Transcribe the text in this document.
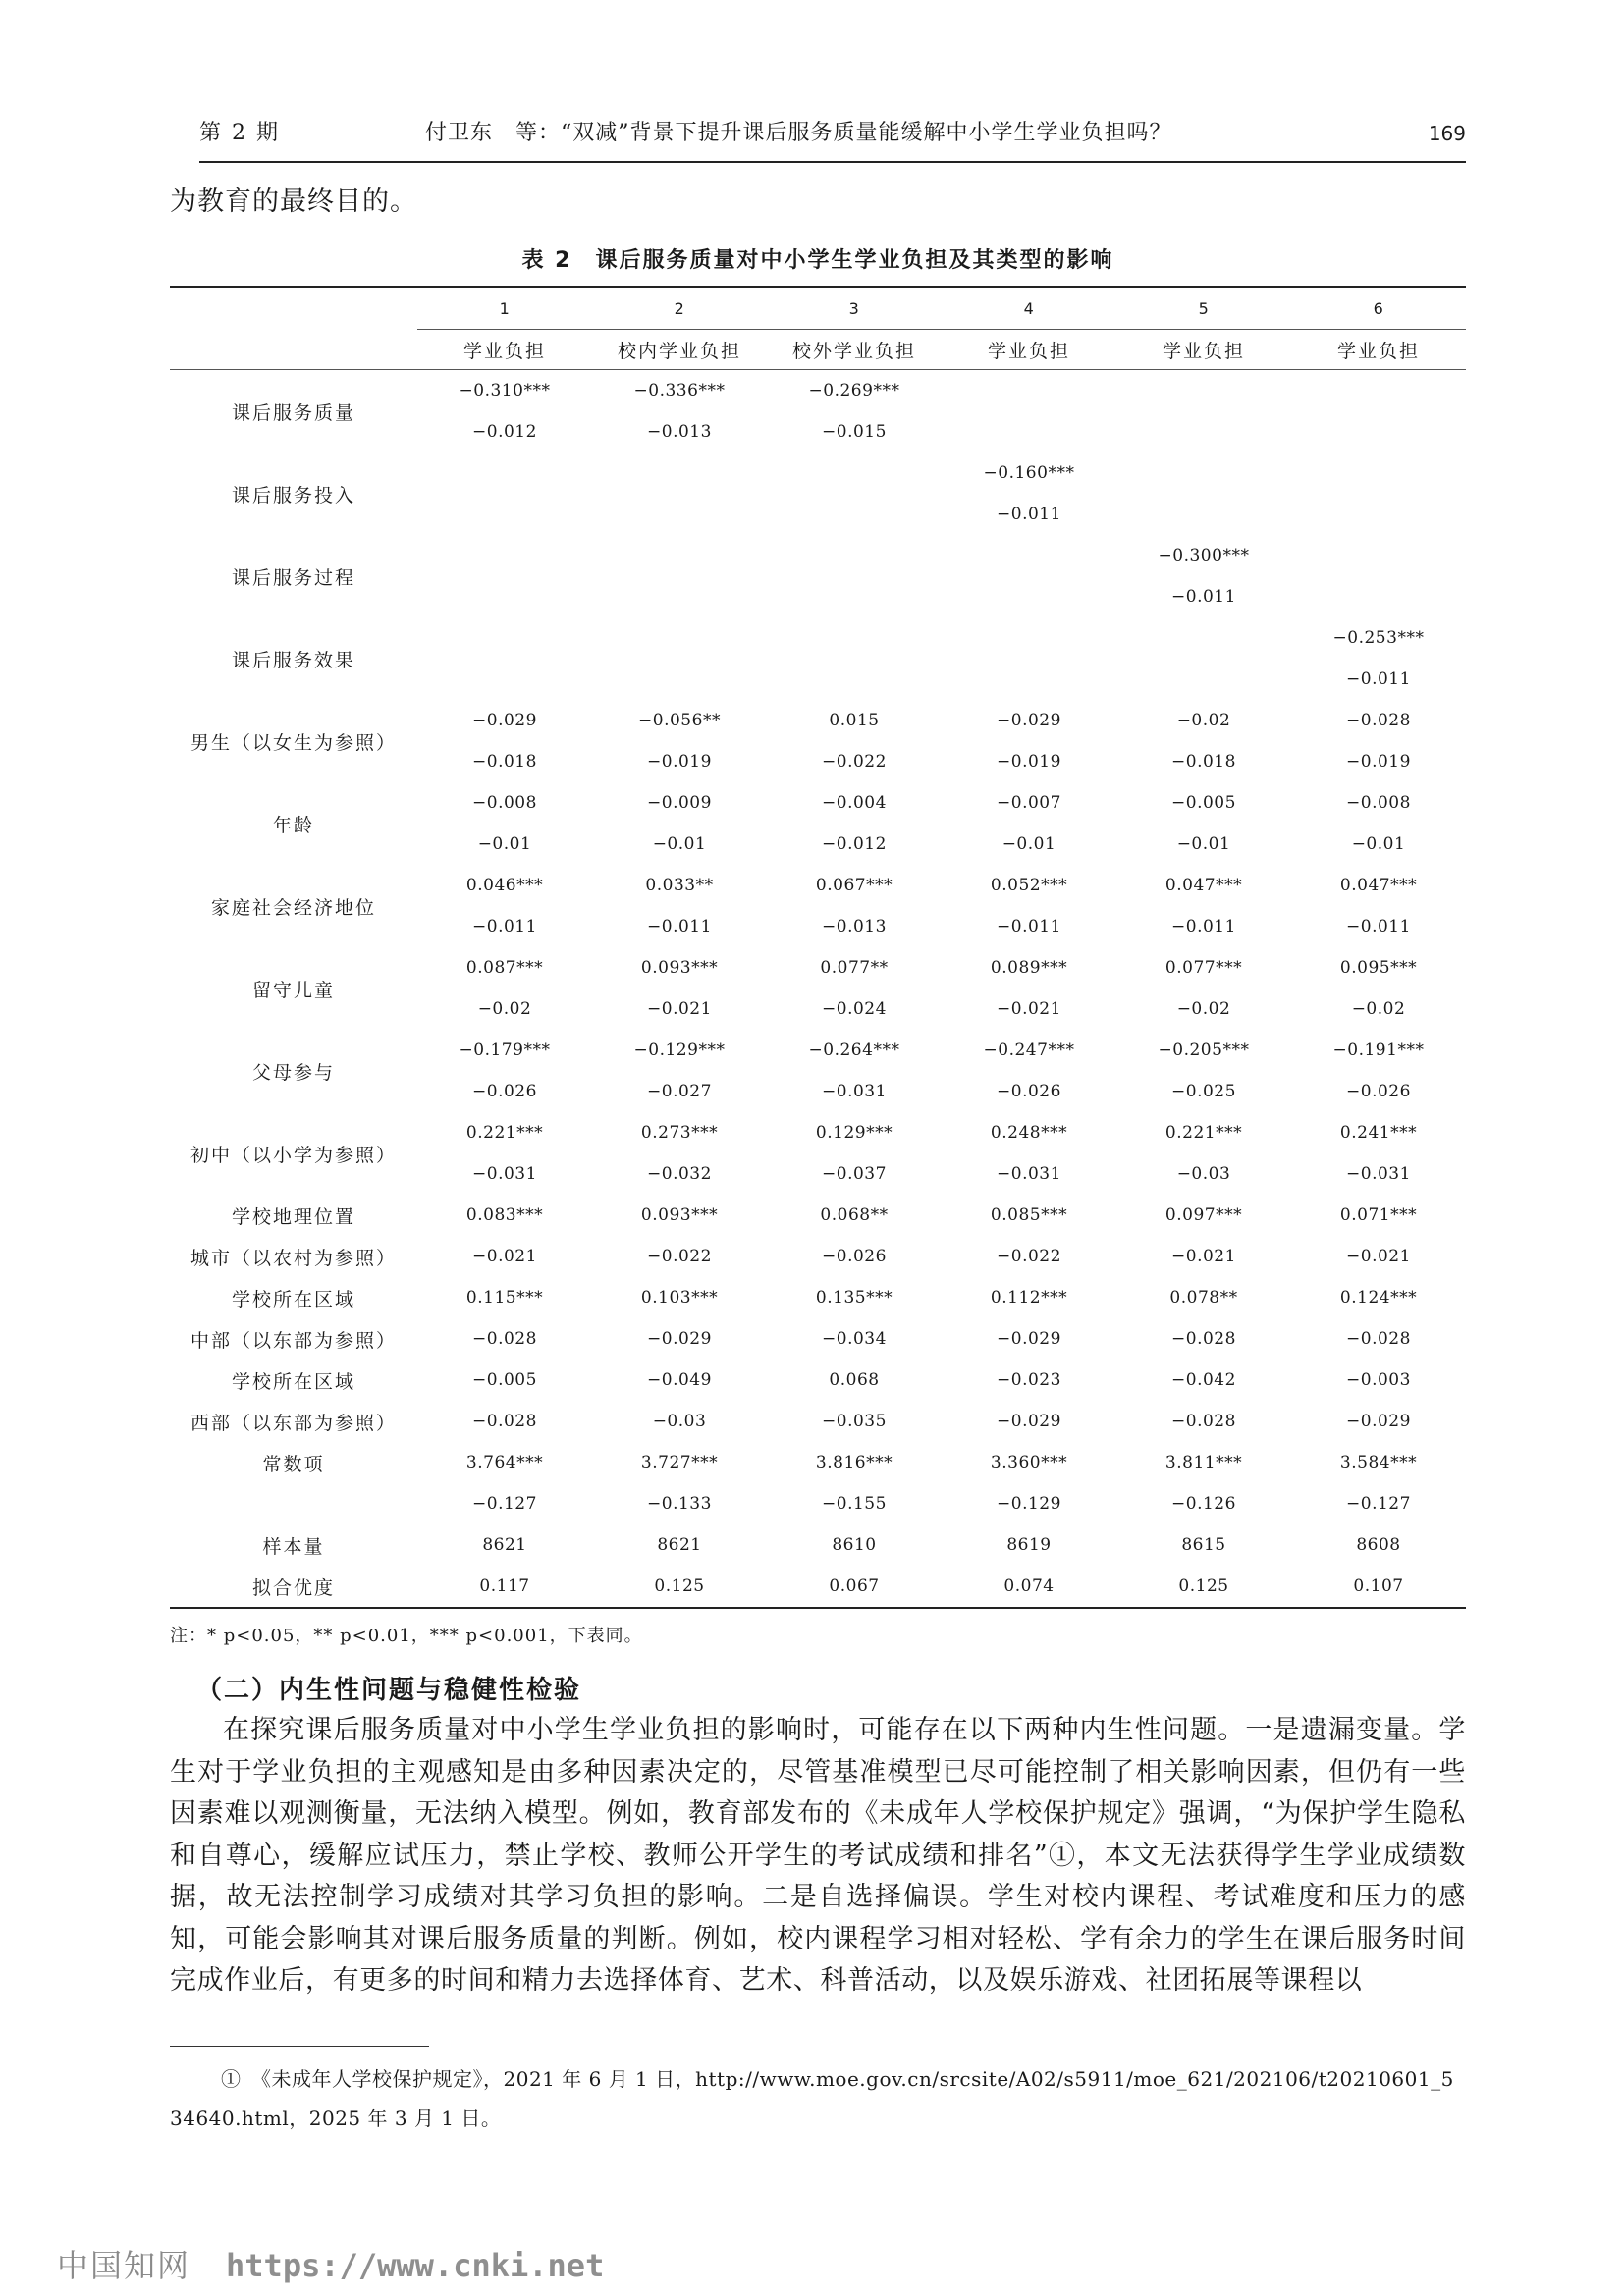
第 2 期	付卫东　等：“双减”背景下提升课后服务质量能缓解中小学生学业负担吗？	169
为教育的最终目的。
表 2　课后服务质量对中小学生学业负担及其类型的影响
	1	2	3	4	5	6
	学业负担	校内学业负担	校外学业负担	学业负担	学业负担	学业负担
课后服务质量	−0.310***	−0.336***	−0.269***			
	−0.012	−0.013	−0.015			
课后服务投入				−0.160***		
				−0.011		
课后服务过程					−0.300***	
					−0.011	
课后服务效果						−0.253***
						−0.011
男生（以女生为参照）	−0.029	−0.056**	0.015	−0.029	−0.02	−0.028
	−0.018	−0.019	−0.022	−0.019	−0.018	−0.019
年龄	−0.008	−0.009	−0.004	−0.007	−0.005	−0.008
	−0.01	−0.01	−0.012	−0.01	−0.01	−0.01
家庭社会经济地位	0.046***	0.033**	0.067***	0.052***	0.047***	0.047***
	−0.011	−0.011	−0.013	−0.011	−0.011	−0.011
留守儿童	0.087***	0.093***	0.077**	0.089***	0.077***	0.095***
	−0.02	−0.021	−0.024	−0.021	−0.02	−0.02
父母参与	−0.179***	−0.129***	−0.264***	−0.247***	−0.205***	−0.191***
	−0.026	−0.027	−0.031	−0.026	−0.025	−0.026
初中（以小学为参照）	0.221***	0.273***	0.129***	0.248***	0.221***	0.241***
	−0.031	−0.032	−0.037	−0.031	−0.03	−0.031
学校地理位置	0.083***	0.093***	0.068**	0.085***	0.097***	0.071***
城市（以农村为参照）	−0.021	−0.022	−0.026	−0.022	−0.021	−0.021
学校所在区域	0.115***	0.103***	0.135***	0.112***	0.078**	0.124***
中部（以东部为参照）	−0.028	−0.029	−0.034	−0.029	−0.028	−0.028
学校所在区域	−0.005	−0.049	0.068	−0.023	−0.042	−0.003
西部（以东部为参照）	−0.028	−0.03	−0.035	−0.029	−0.028	−0.029
常数项	3.764***	3.727***	3.816***	3.360***	3.811***	3.584***
	−0.127	−0.133	−0.155	−0.129	−0.126	−0.127
样本量	8621	8621	8610	8619	8615	8608
拟合优度	0.117	0.125	0.067	0.074	0.125	0.107
注：* p<0.05，** p<0.01，*** p<0.001，下表同。
（二）内生性问题与稳健性检验

在探究课后服务质量对中小学生学业负担的影响时，可能存在以下两种内生性问题。一是遗漏变量。学生对于学业负担的主观感知是由多种因素决定的，尽管基准模型已尽可能控制了相关影响因素，但仍有一些因素难以观测衡量，无法纳入模型。例如，教育部发布的《未成年人学校保护规定》强调，“为保护学生隐私和自尊心，缓解应试压力，禁止学校、教师公开学生的考试成绩和排名”①，本文无法获得学生学业成绩数据，故无法控制学习成绩对其学习负担的影响。二是自选择偏误。学生对校内课程、考试难度和压力的感知，可能会影响其对课后服务质量的判断。例如，校内课程学习相对轻松、学有余力的学生在课后服务时间完成作业后，有更多的时间和精力去选择体育、艺术、科普活动，以及娱乐游戏、社团拓展等课程以

①　《未成年人学校保护规定》，2021 年 6 月 1 日，http://www.moe.gov.cn/srcsite/A02/s5911/moe_621/202106/t20210601_534640.html，2025 年 3 月 1 日。

中国知网 https://www.cnki.net
